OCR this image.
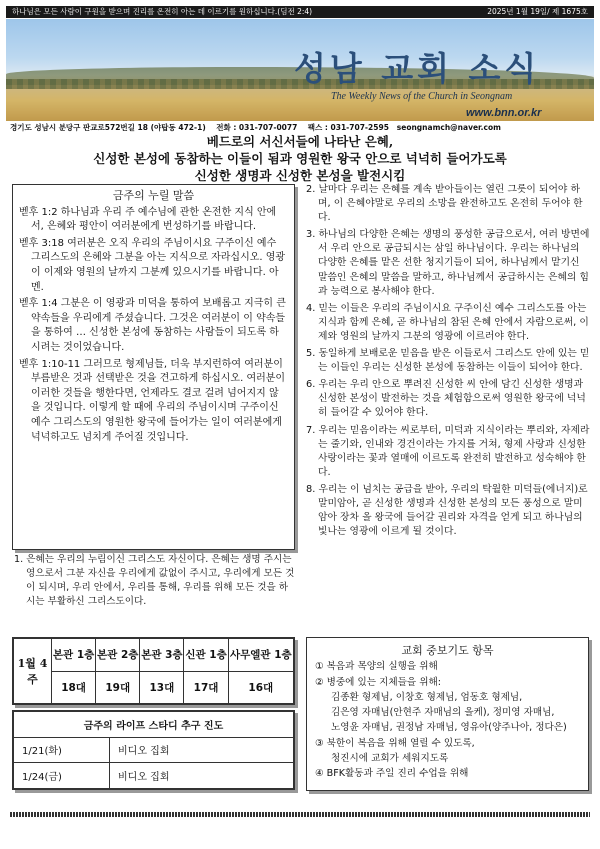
하나님은 모든 사람이 구원을 받으며 진리를 온전히 아는 데 이르기를 원하십니다.(딤전 2:4)	2025년 1월 19일/ 제 1675호
성남 교회 소식
The Weekly News of the Church in Seongnam
www.bnn.or.kr
경기도 성남시 분당구 판교로572번길 18 (야탑동 472-1) 전화 : 031-707-0077 팩스 : 031-707-2595 seongnamch@naver.com
베드로의 서신서들에 나타난 은혜,
신성한 본성에 동참하는 이들이 됨과 영원한 왕국 안으로 넉넉히 들어가도록
신성한 생명과 신성한 본성을 발전시킴
금주의 누릴 말씀
벧후 1:2 하나님과 우리 주 예수님에 관한 온전한 지식 안에서, 은혜와 평안이 여러분에게 번성하기를 바랍니다.
벧후 3:18 여러분은 오직 우리의 주님이시요 구주이신 예수 그리스도의 은혜와 그분을 아는 지식으로 자라십시오. 영광이 이제와 영원의 날까지 그분께 있으시기를 바랍니다. 아멘.
벧후 1:4 그분은 이 영광과 미덕을 통하여 보배롭고 지극히 큰 약속들을 우리에게 주셨습니다. 그것은 여러분이 이 약속들을 통하여 … 신성한 본성에 동참하는 사람들이 되도록 하시려는 것이었습니다.
벧후 1:10-11 그러므로 형제님들, 더욱 부지런하여 여러분이 부름받은 것과 선택받은 것을 견고하게 하십시오. 여러분이 이러한 것들을 행한다면, 언제라도 결코 걸려 넘어지지 않을 것입니다. 이렇게 할 때에 우리의 주님이시며 구주이신 예수 그리스도의 영원한 왕국에 들어가는 일이 여러분에게 넉넉하고도 넘치게 주어질 것입니다.
1. 은혜는 우리의 누림이신 그리스도 자신이다. 은혜는 생명 주시는 영으로서 그분 자신을 우리에게 값없이 주시고, 우리에게 모든 것이 되시며, 우리 안에서, 우리를 통해, 우리를 위해 모든 것을 하시는 부활하신 그리스도이다.
2. 날마다 우리는 은혜를 계속 받아들이는 열린 그릇이 되어야 하며, 이 은혜야말로 우리의 소망을 완전하고도 온전히 두어야 한다.
3. 하나님의 다양한 은혜는 생명의 풍성한 공급으로서, 여러 방면에서 우리 안으로 공급되시는 삼일 하나님이다. 우리는 하나님의 다양한 은혜를 맡은 선한 청지기들이 되어, 하나님께서 맡기신 말씀인 은혜의 말씀을 말하고, 하나님께서 공급하시는 은혜의 힘과 능력으로 봉사해야 한다.
4. 믿는 이들은 우리의 주님이시요 구주이신 예수 그리스도를 아는 지식과 함께 은혜, 곧 하나님의 참된 은혜 안에서 자람으로써, 이제와 영원의 날까지 그분의 영광에 이르러야 한다.
5. 동일하게 보배로운 믿음을 받은 이들로서 그리스도 안에 있는 믿는 이들인 우리는 신성한 본성에 동참하는 이들이 되어야 한다.
6. 우리는 우리 안으로 뿌려진 신성한 씨 안에 담긴 신성한 생명과 신성한 본성이 발전하는 것을 체험함으로써 영원한 왕국에 넉넉히 들어갈 수 있어야 한다.
7. 우리는 믿음이라는 씨로부터, 미덕과 지식이라는 뿌리와, 자제라는 줄기와, 인내와 경건이라는 가지를 거쳐, 형제 사랑과 신성한 사랑이라는 꽃과 열매에 이르도록 완전히 발전하고 성숙해야 한다.
8. 우리는 이 넘치는 공급을 받아, 우리의 탁월한 미덕들(에너지)로 말미암아, 곧 신성한 생명과 신성한 본성의 모든 풍성으로 말미암아 장차 올 왕국에 들어갈 권리와 자격을 얻게 되고 하나님의 빛나는 영광에 이르게 될 것이다.
1월 4주	본관 1층	본관 2층	본관 3층	신관 1층	사무엘관 1층
	18대	19대	13대	17대	16대
금주의 라이프 스타디 추구 진도	
1/21(화)	비디오 집회
1/24(금)	비디오 집회
교회 중보기도 항목
① 복음과 목양의 실행을 위해
② 병중에 있는 지체들을 위해:
김종환 형제님, 이창호 형제님, 엄동호 형제님,
김은영 자매님(안현주 자매님의 올케), 정미영 자매님,
노영윤 자매님, 권정남 자매님, 영유아(양주나아, 정다은)
③ 북한이 복음을 위해 열릴 수 있도록,
청진시에 교회가 세워지도록
④ BFK활동과 주일 진리 수업을 위해
